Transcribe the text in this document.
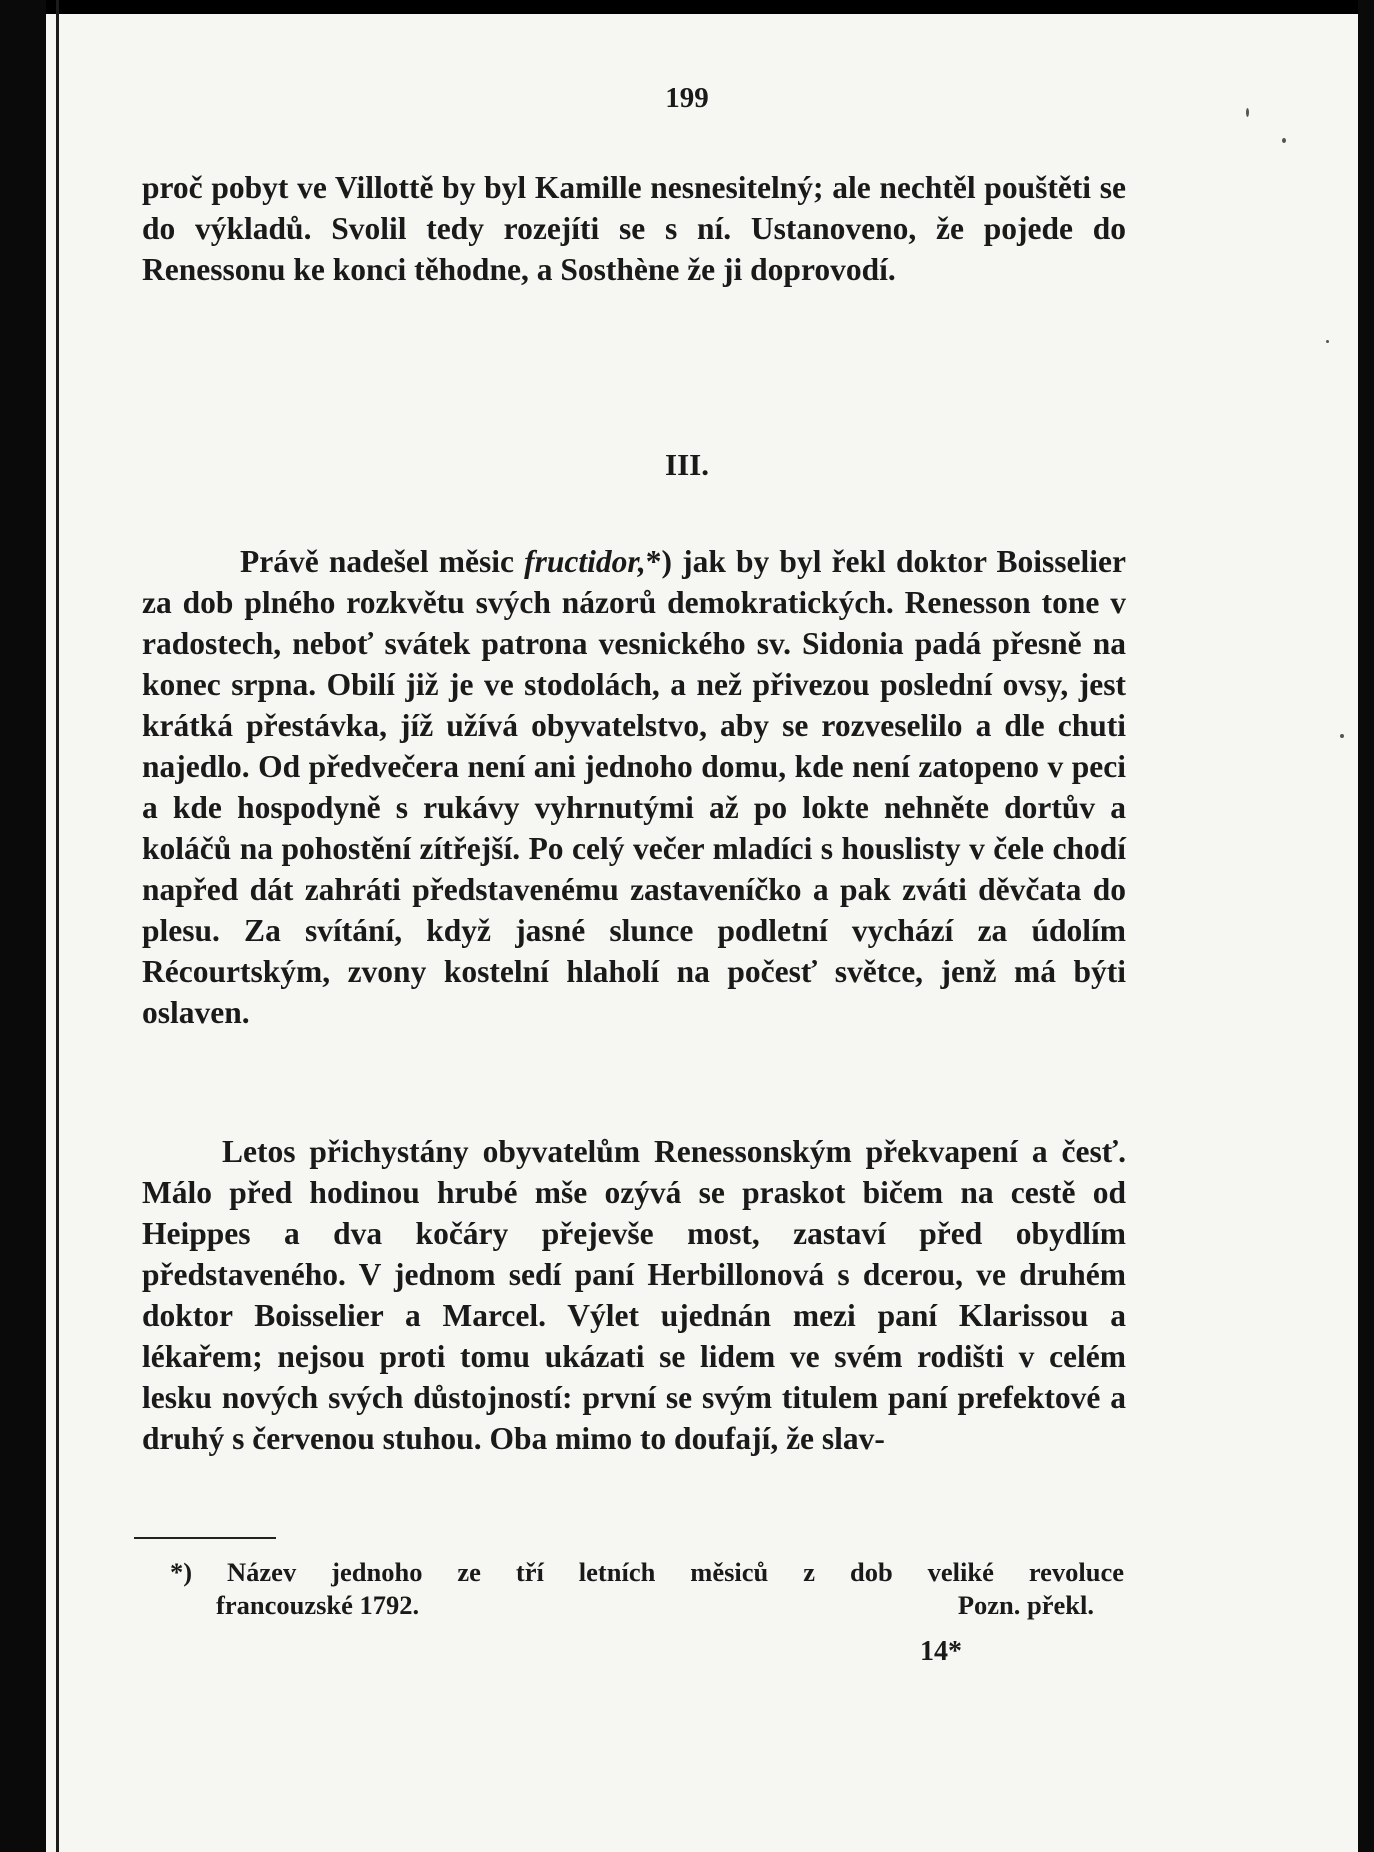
199

proč pobyt ve Villottě by byl Kamille nesnesitelný; ale nechtěl pouštěti se do výkladů. Svolil tedy rozejíti se s ní. Ustanoveno, že pojede do Renessonu ke konci těhodne, a Sosthène že ji doprovodí.

III.

Právě nadešel měsic fructidor,*) jak by byl řekl doktor Boisselier za dob plného rozkvětu svých názorů demokratických. Renesson tone v radostech, neboť svátek patrona vesnického sv. Sidonia padá přesně na konec srpna. Obilí již je ve stodolách, a než přivezou poslední ovsy, jest krátká přestávka, jíž užívá obyvatelstvo, aby se rozveselilo a dle chuti najedlo. Od předvečera není ani jednoho domu, kde není zatopeno v peci a kde hospodyně s rukávy vyhrnutými až po lokte nehněte dortův a koláčů na pohostění zítřejší. Po celý večer mladíci s houslisty v čele chodí napřed dát zahráti představenému zastaveníčko a pak zváti děvčata do plesu. Za svítání, když jasné slunce podletní vychází za údolím Récourtským, zvony kostelní hlaholí na počesť světce, jenž má býti oslaven.

Letos přichystány obyvatelům Renessonským překvapení a česť. Málo před hodinou hrubé mše ozývá se praskot bičem na cestě od Heippes a dva kočáry přejevše most, zastaví před obydlím představeného. V jednom sedí paní Herbillonová s dcerou, ve druhém doktor Boisselier a Marcel. Výlet ujednán mezi paní Klarissou a lékařem; nejsou proti tomu ukázati se lidem ve svém rodišti v celém lesku nových svých důstojností: první se svým titulem paní prefektové a druhý s červenou stuhou. Oba mimo to doufají, že slav-

*) Název jednoho ze tří letních měsiců z dob veliké revoluce
francouzské 1792.	Pozn. překl.
14*
